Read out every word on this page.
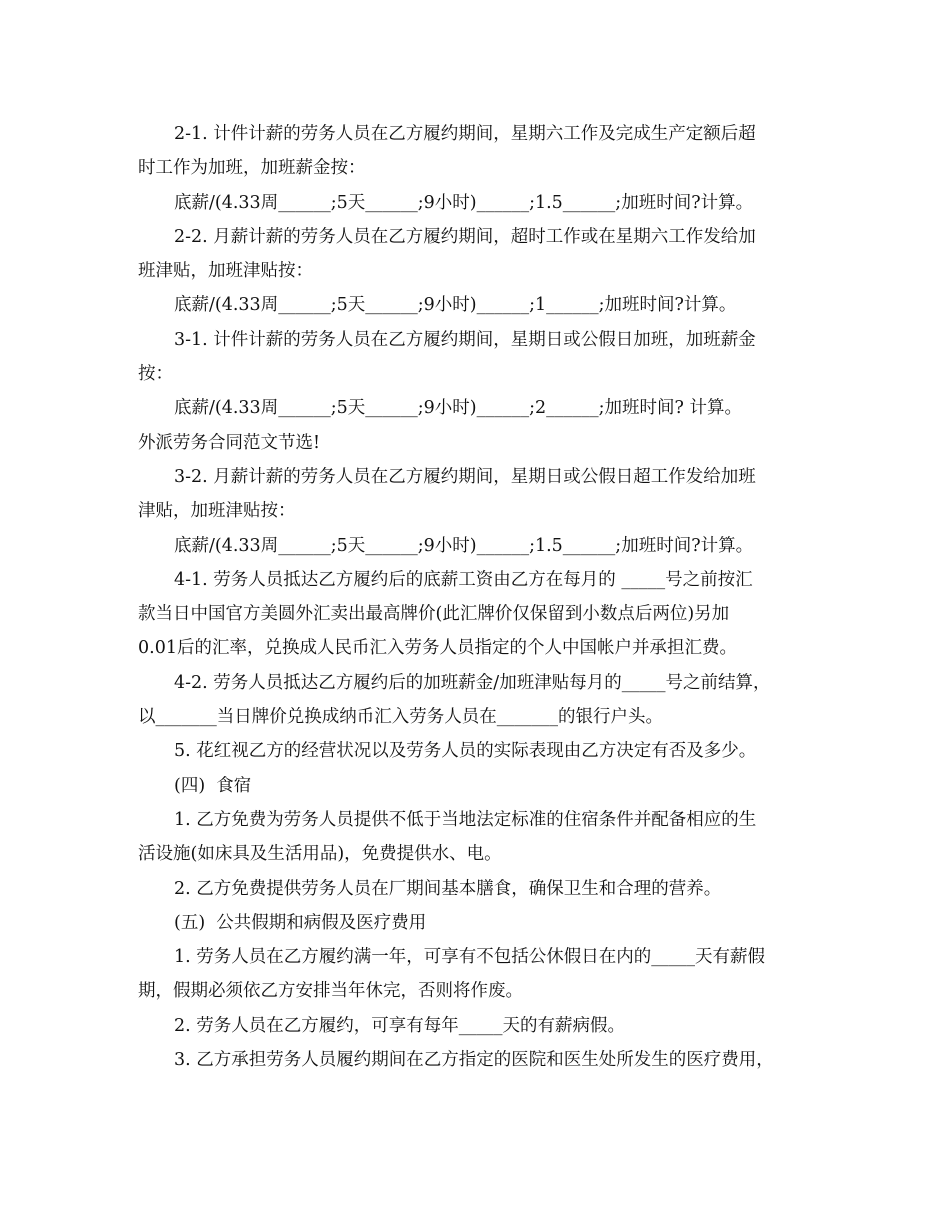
2-1. 计件计薪的劳务人员在乙方履约期间，星期六工作及完成生产定额后超
时工作为加班，加班薪金按：
底薪/(4.33周______;5天______;9小时)______;1.5______;加班时间?计算。
2-2. 月薪计薪的劳务人员在乙方履约期间，超时工作或在星期六工作发给加
班津贴，加班津贴按：
底薪/(4.33周______;5天______;9小时)______;1______;加班时间?计算。
3-1. 计件计薪的劳务人员在乙方履约期间，星期日或公假日加班，加班薪金
按：
底薪/(4.33周______;5天______;9小时)______;2______;加班时间? 计算。
外派劳务合同范文节选!
3-2. 月薪计薪的劳务人员在乙方履约期间，星期日或公假日超工作发给加班
津贴，加班津贴按：
底薪/(4.33周______;5天______;9小时)______;1.5______;加班时间?计算。
4-1. 劳务人员抵达乙方履约后的底薪工资由乙方在每月的 _____号之前按汇
款当日中国官方美圆外汇卖出最高牌价(此汇牌价仅保留到小数点后两位)另加
0.01后的汇率，兑换成人民币汇入劳务人员指定的个人中国帐户并承担汇费。
4-2. 劳务人员抵达乙方履约后的加班薪金/加班津贴每月的_____号之前结算，
以_______当日牌价兑换成纳币汇入劳务人员在_______的银行户头。
5. 花红视乙方的经营状况以及劳务人员的实际表现由乙方决定有否及多少。
(四)  食宿
1. 乙方免费为劳务人员提供不低于当地法定标准的住宿条件并配备相应的生
活设施(如床具及生活用品)，免费提供水、电。
2. 乙方免费提供劳务人员在厂期间基本膳食，确保卫生和合理的营养。
(五)  公共假期和病假及医疗费用
1. 劳务人员在乙方履约满一年，可享有不包括公休假日在内的_____天有薪假
期，假期必须依乙方安排当年休完，否则将作废。
2. 劳务人员在乙方履约，可享有每年_____天的有薪病假。
3. 乙方承担劳务人员履约期间在乙方指定的医院和医生处所发生的医疗费用，
